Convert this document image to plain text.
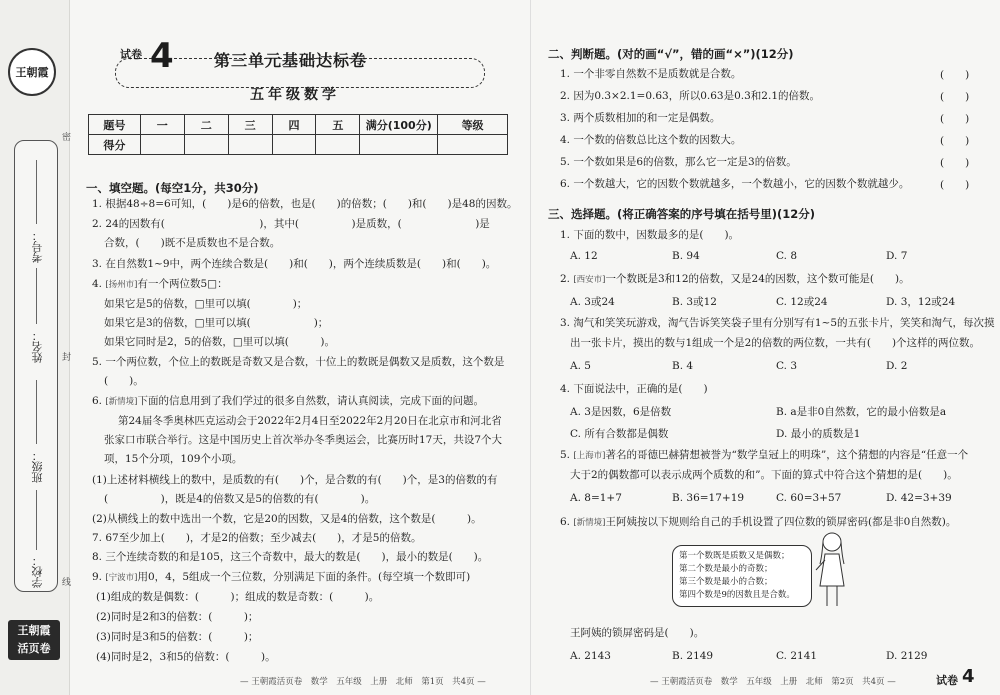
王朝霞
考号：
姓名：
班级：
学校：
密
封
线
王朝霞
活页卷
试卷 4	第三单元基础达标卷
五年级数学
题号	一	二	三	四	五	满分(100分)	等级
得分							
一、填空题。(每空1分，共30分)
1. 根据48÷8=6可知，(　　)是6的倍数，也是(　　)的倍数；(　　)和(　　)是48的因数。
2. 24的因数有(　　　　　　　　　)，其中(　　　　　)是质数，(　　　　　　　)是
合数，(　　)既不是质数也不是合数。
3. 在自然数1~9中，两个连续合数是(　　)和(　　)，两个连续质数是(　　)和(　　)。
4. [扬州市]有一个两位数5□：
如果它是5的倍数，□里可以填(　　　　)；
如果它是3的倍数，□里可以填(　　　　　　)；
如果它同时是2，5的倍数，□里可以填(　　　)。
5. 一个两位数，个位上的数既是奇数又是合数，十位上的数既是偶数又是质数，这个数是
(　　)。
6. [新情境]下面的信息用到了我们学过的很多自然数，请认真阅读，完成下面的问题。
第24届冬季奥林匹克运动会于2022年2月4日至2022年2月20日在北京市和河北省
张家口市联合举行。这是中国历史上首次举办冬季奥运会，比赛历时17天，共设7个大
项，15个分项，109个小项。
(1)上述材料横线上的数中，是质数的有(　　)个，是合数的有(　　)个，是3的倍数的有
(　　　　　)，既是4的倍数又是5的倍数的有(　　　　)。
(2)从横线上的数中选出一个数，它是20的因数，又是4的倍数，这个数是(　　　)。
7. 67至少加上(　　)，才是2的倍数；至少减去(　　)，才是5的倍数。
8. 三个连续奇数的和是105，这三个奇数中，最大的数是(　　)，最小的数是(　　)。
9. [宁波市]用0，4，5组成一个三位数，分别满足下面的条件。(每空填一个数即可)
(1)组成的数是偶数：(　　　)；组成的数是奇数：(　　　)。
(2)同时是2和3的倍数：(　　　)；
(3)同时是3和5的倍数：(　　　)；
(4)同时是2，3和5的倍数：(　　　)。
— 王朝霞活页卷　数学　五年级　上册　北师　第1页　共4页 —
二、判断题。(对的画“√”，错的画“×”)(12分)
1. 一个非零自然数不是质数就是合数。	(　　)
2. 因为0.3×2.1=0.63，所以0.63是0.3和2.1的倍数。	(　　)
3. 两个质数相加的和一定是偶数。	(　　)
4. 一个数的倍数总比这个数的因数大。	(　　)
5. 一个数如果是6的倍数，那么它一定是3的倍数。	(　　)
6. 一个数越大，它的因数个数就越多，一个数越小，它的因数个数就越少。	(　　)
三、选择题。(将正确答案的序号填在括号里)(12分)
1. 下面的数中，因数最多的是(　　)。
A. 12	B. 94	C. 8	D. 7
2. [西安市]一个数既是3和12的倍数，又是24的因数，这个数可能是(　　)。
A. 3或24	B. 3或12	C. 12或24	D. 3，12或24
3. 淘气和笑笑玩游戏，淘气告诉笑笑袋子里有分别写有1~5的五张卡片，笑笑和淘气，每次摸
出一张卡片，摸出的数与1组成一个是2的倍数的两位数，一共有(　　)个这样的两位数。
A. 5	B. 4	C. 3	D. 2
4. 下面说法中，正确的是(　　)
A. 3是因数，6是倍数	B. a是非0自然数，它的最小倍数是a
C. 所有合数都是偶数	D. 最小的质数是1
5. [上海市]著名的哥德巴赫猜想被誉为“数学皇冠上的明珠”，这个猜想的内容是“任意一个
大于2的偶数都可以表示成两个质数的和”。下面的算式中符合这个猜想的是(　　)。
A. 8=1+7	B. 36=17+19	C. 60=3+57	D. 42=3+39
6. [新情境]王阿姨按以下规则给自己的手机设置了四位数的锁屏密码(都是非0自然数)。
第一个数既是质数又是偶数；
第二个数是最小的奇数；
第三个数是最小的合数；
第四个数是9的因数且是合数。
王阿姨的锁屏密码是(　　)。
A. 2143	B. 2149	C. 2141	D. 2129
— 王朝霞活页卷　数学　五年级　上册　北师　第2页　共4页 —	试卷 4
